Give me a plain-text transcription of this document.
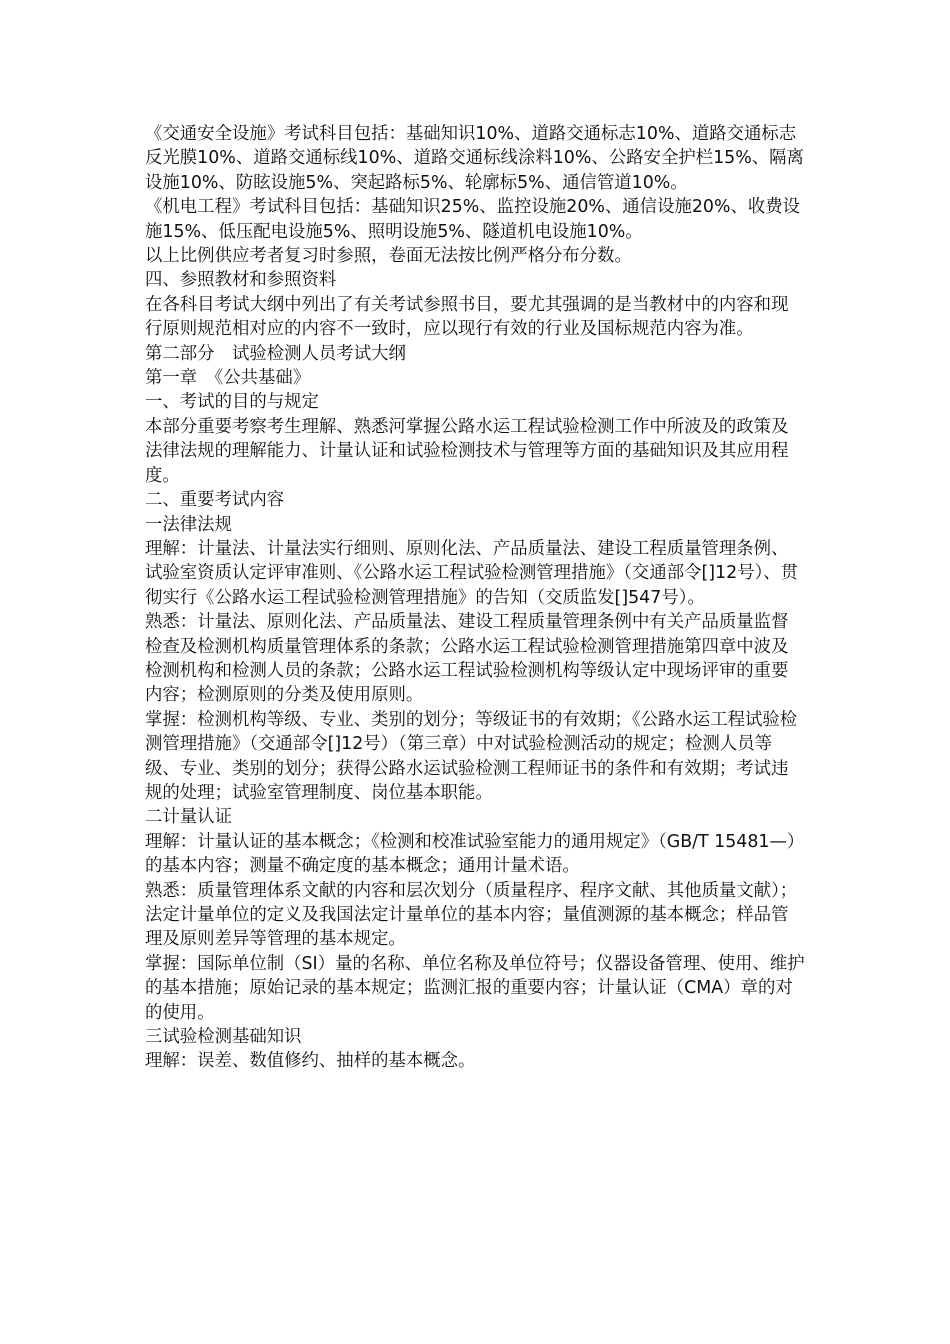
《交通安全设施》考试科目包括：基础知识10%、道路交通标志10%、道路交通标志反光膜10%、道路交通标线10%、道路交通标线涂料10%、公路安全护栏15%、隔离设施10%、防眩设施5%、突起路标5%、轮廓标5%、通信管道10%。

《机电工程》考试科目包括：基础知识25%、监控设施20%、通信设施20%、收费设施15%、低压配电设施5%、照明设施5%、隧道机电设施10%。

以上比例供应考者复习时参照，卷面无法按比例严格分布分数。

四、参照教材和参照资料

在各科目考试大纲中列出了有关考试参照书目，要尤其强调的是当教材中的内容和现行原则规范相对应的内容不一致时，应以现行有效的行业及国标规范内容为准。

第二部分　试验检测人员考试大纲

第一章　《公共基础》

一、考试的目的与规定

本部分重要考察考生理解、熟悉河掌握公路水运工程试验检测工作中所波及的政策及法律法规的理解能力、计量认证和试验检测技术与管理等方面的基础知识及其应用程度。

二、重要考试内容

一法律法规

理解：计量法、计量法实行细则、原则化法、产品质量法、建设工程质量管理条例、试验室资质认定评审准则、《公路水运工程试验检测管理措施》（交通部令[]12号）、贯彻实行《公路水运工程试验检测管理措施》的告知（交质监发[]547号）。

熟悉：计量法、原则化法、产品质量法、建设工程质量管理条例中有关产品质量监督检查及检测机构质量管理体系的条款；公路水运工程试验检测管理措施第四章中波及检测机构和检测人员的条款；公路水运工程试验检测机构等级认定中现场评审的重要内容；检测原则的分类及使用原则。

掌握：检测机构等级、专业、类别的划分；等级证书的有效期；《公路水运工程试验检测管理措施》（交通部令[]12号）（第三章）中对试验检测活动的规定；检测人员等级、专业、类别的划分；获得公路水运试验检测工程师证书的条件和有效期；考试违规的处理；试验室管理制度、岗位基本职能。

二计量认证

理解：计量认证的基本概念；《检测和校准试验室能力的通用规定》（GB/T 15481—）的基本内容；测量不确定度的基本概念；通用计量术语。

熟悉：质量管理体系文献的内容和层次划分（质量程序、程序文献、其他质量文献）；法定计量单位的定义及我国法定计量单位的基本内容；量值测源的基本概念；样品管理及原则差异等管理的基本规定。

掌握：国际单位制（SI）量的名称、单位名称及单位符号；仪器设备管理、使用、维护的基本措施；原始记录的基本规定；监测汇报的重要内容；计量认证（CMA）章的对的使用。

三试验检测基础知识

理解：误差、数值修约、抽样的基本概念。
